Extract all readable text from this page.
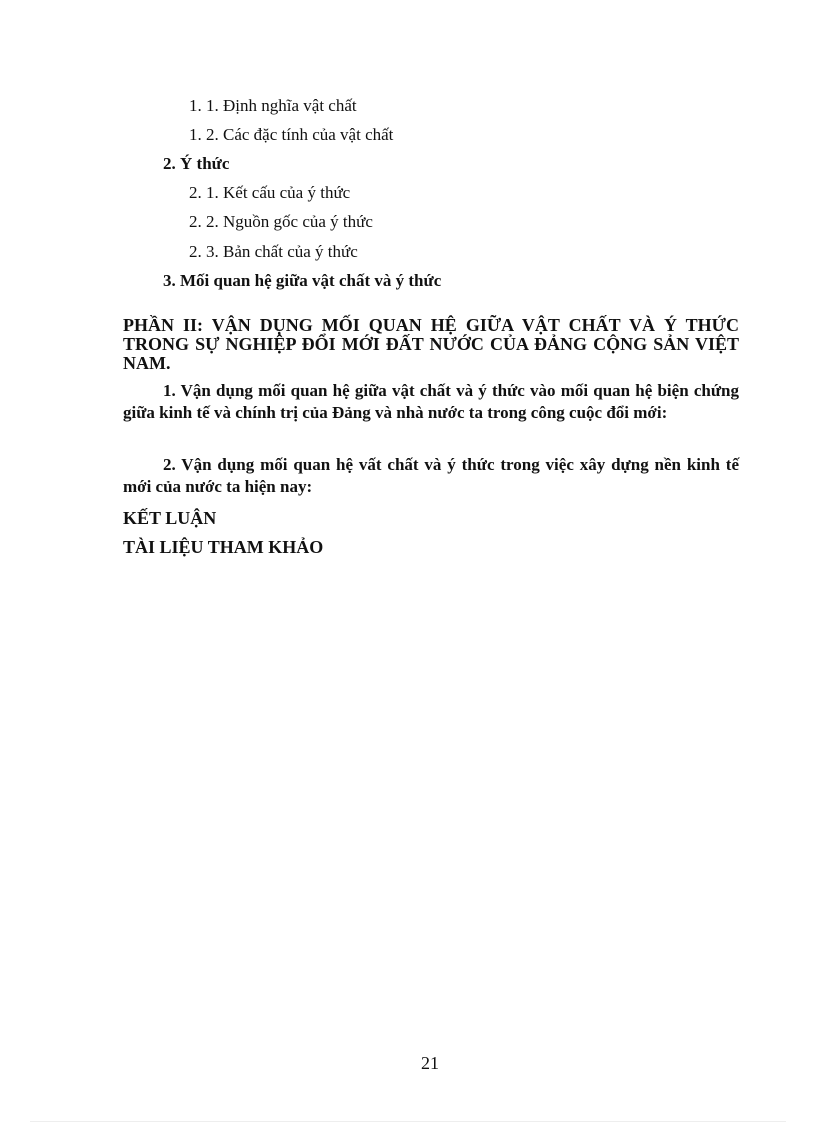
1. 1. Định nghĩa vật chất
1. 2. Các đặc tính của vật chất
2. Ý thức
2. 1. Kết cấu của ý thức
2. 2. Nguồn gốc của ý thức
2. 3. Bản chất của ý thức
3. Mối quan hệ giữa vật chất và ý thức
PHẦN II: VẬN DỤNG MỐI QUAN HỆ GIỮA VẬT CHẤT VÀ Ý THỨC TRONG SỰ NGHIỆP ĐỔI MỚI ĐẤT NƯỚC CỦA ĐẢNG CỘNG SẢN VIỆT NAM.
1. Vận dụng mối quan hệ giữa vật chất và ý thức vào mối quan hệ biện chứng giữa kinh tế và chính trị của Đảng và nhà nước ta trong công cuộc đổi mới:
2. Vận dụng mối quan hệ vất chất và ý thức trong việc xây dựng nền kinh tế mới của nước ta hiện nay:
KẾT LUẬN
TÀI LIỆU THAM KHẢO
21
